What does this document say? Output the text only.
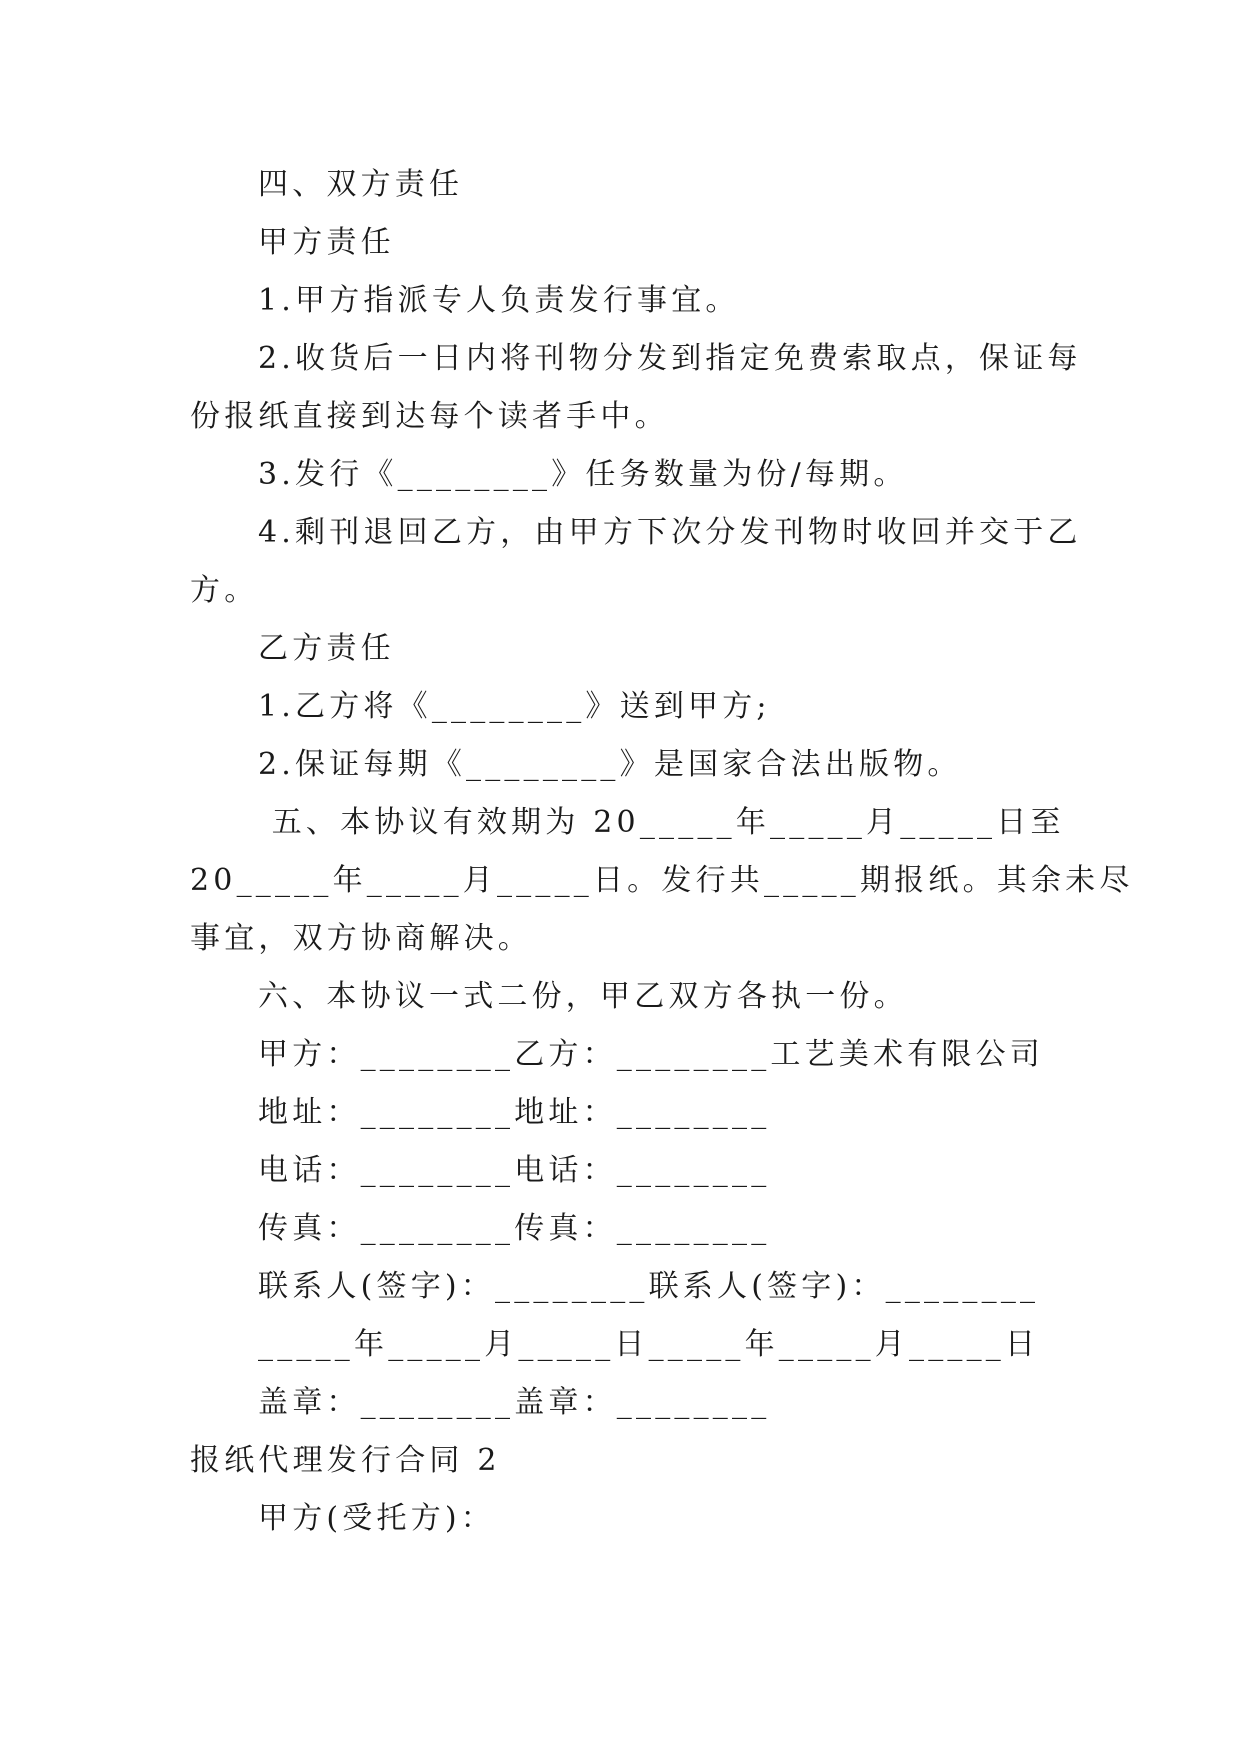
四、双方责任
甲方责任
1.甲方指派专人负责发行事宜。
2.收货后一日内将刊物分发到指定免费索取点，保证每
份报纸直接到达每个读者手中。
3.发行《________》任务数量为份/每期。
4.剩刊退回乙方，由甲方下次分发刊物时收回并交于乙
方。
乙方责任
1.乙方将《________》送到甲方;
2.保证每期《________》是国家合法出版物。
五、本协议有效期为 20_____年_____月_____日至
20_____年_____月_____日。发行共_____期报纸。其余未尽
事宜，双方协商解决。
六、本协议一式二份，甲乙双方各执一份。
甲方：________乙方：________工艺美术有限公司
地址：________地址：________
电话：________电话：________
传真：________传真：________
联系人(签字)：________联系人(签字)：________
_____年_____月_____日_____年_____月_____日
盖章：________盖章：________
报纸代理发行合同 2
甲方(受托方)：
